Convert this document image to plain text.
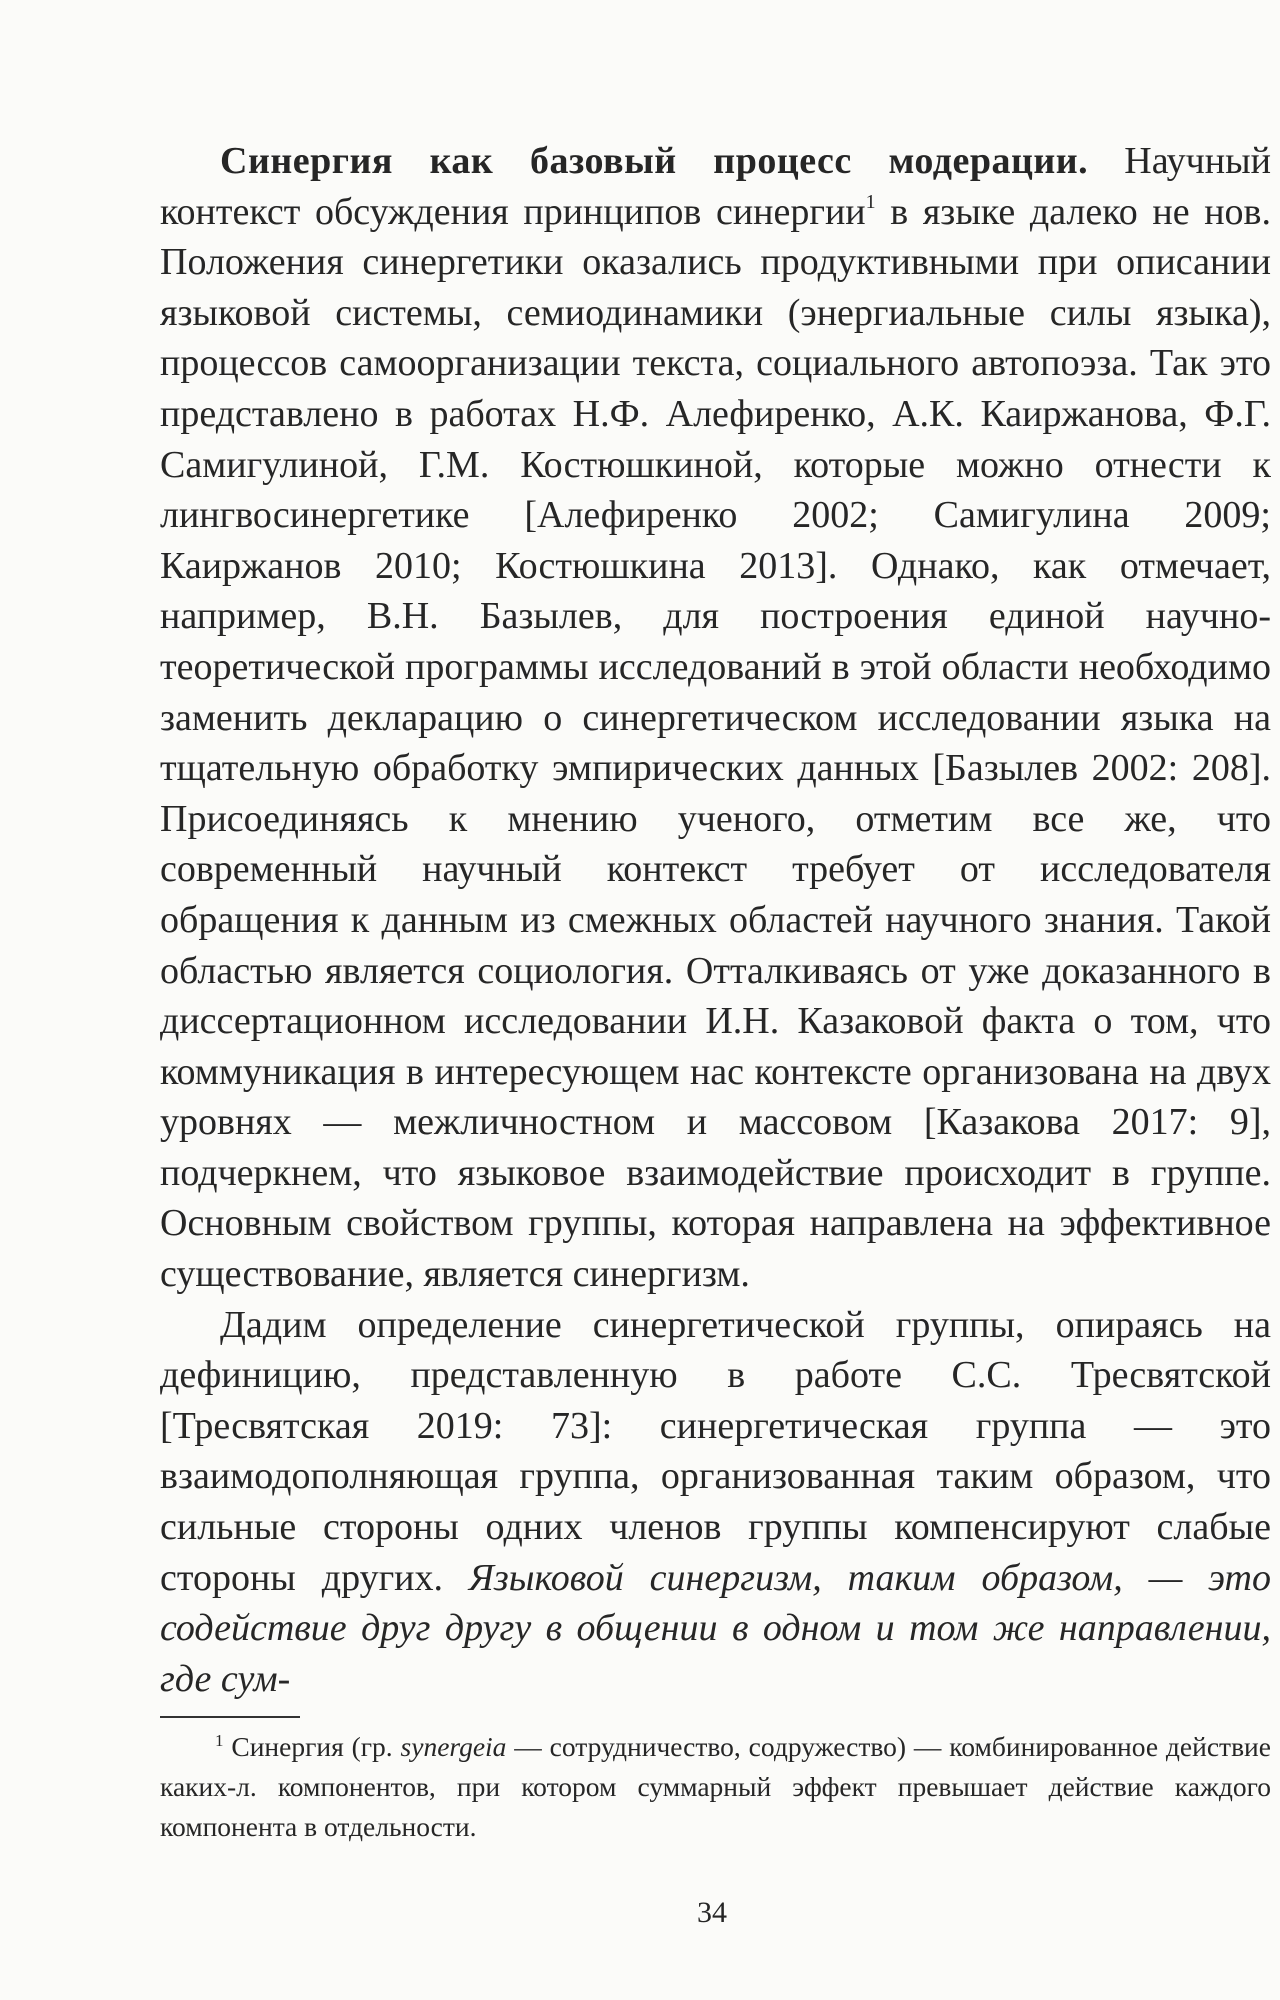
Синергия как базовый процесс модерации. Научный контекст обсуждения принципов синергии$^1$ в языке далеко не нов. Положения синергетики оказались продуктивными при описании языковой системы, семиодинамики (энергиальные силы языка), процессов самоорганизации текста, социального автопоэза. Так это представлено в работах Н.Ф. Алефиренко, А.К. Каиржанова, Ф.Г. Самигулиной, Г.М. Костюшкиной, которые можно отнести к лингвосинергетике [Алефиренко 2002; Самигулина 2009; Каиржанов 2010; Костюшкина 2013]. Однако, как отмечает, например, В.Н. Базылев, для построения единой научно-теоретической программы исследований в этой области необходимо заменить декларацию о синергетическом исследовании языка на тщательную обработку эмпирических данных [Базылев 2002: 208]. Присоединяясь к мнению ученого, отметим все же, что современный научный контекст требует от исследователя обращения к данным из смежных областей научного знания. Такой областью является социология. Отталкиваясь от уже доказанного в диссертационном исследовании И.Н. Казаковой факта о том, что коммуникация в интересующем нас контексте организована на двух уровнях — межличностном и массовом [Казакова 2017: 9], подчеркнем, что языковое взаимодействие происходит в группе. Основным свойством группы, которая направлена на эффективное существование, является синергизм.

Дадим определение синергетической группы, опираясь на дефиницию, представленную в работе С.С. Тресвятской [Тресвятская 2019: 73]: синергетическая группа — это взаимодополняющая группа, организованная таким образом, что сильные стороны одних членов группы компенсируют слабые стороны других. Языковой синергизм, таким образом, — это содействие друг другу в общении в одном и том же направлении, где сум-

$^1$ Синергия (гр. synergeia — сотрудничество, содружество) — комбинированное действие каких-л. компонентов, при котором суммарный эффект превышает действие каждого компонента в отдельности.

34
